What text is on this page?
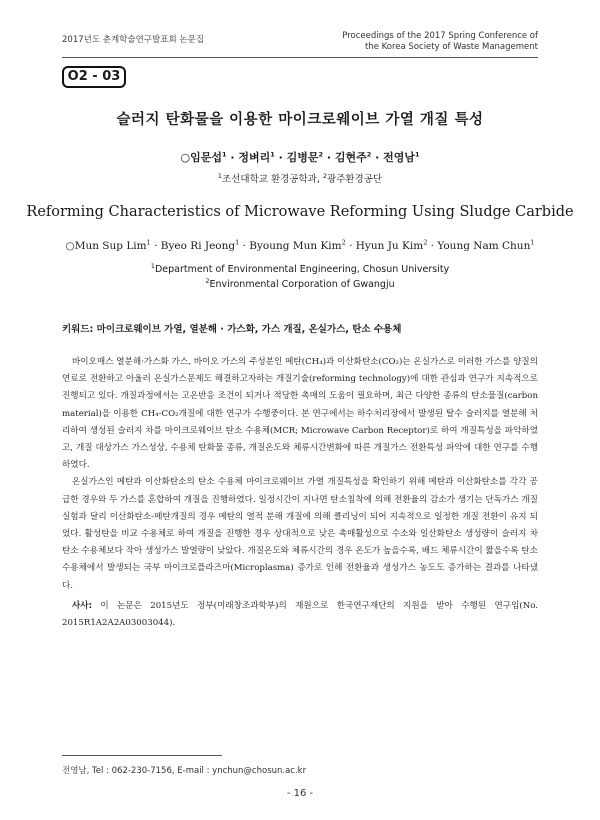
2017년도 춘계학술연구발표회 논문집	Proceedings of the 2017 Spring Conference of
the Korea Society of Waste Management
O2 - 03
슬러지 탄화물을 이용한 마이크로웨이브 가열 개질 특성
○임문섭$^1$ · 정벼리$^1$ · 김병문$^2$ · 김현주$^2$ · 전영남$^1$
$^1$조선대학교 환경공학과, $^2$광주환경공단
Reforming Characteristics of Microwave Reforming Using Sludge Carbide
○Mun Sup Lim$^1$ · Byeo Ri Jeong$^1$ · Byoung Mun Kim$^2$ · Hyun Ju Kim$^2$ · Young Nam Chun$^1$
$^1$Department of Environmental Engineering, Chosun University
$^2$Environmental Corporation of Gwangju
키워드: 마이크로웨이브 가열, 열분해 · 가스화, 가스 개질, 온실가스, 탄소 수용체

바이오매스 열분해·가스화 가스, 바이오 가스의 주성분인 메탄(CH₄)과 이산화탄소(CO₂)는 온실가스로 이러한 가스를 양질의 연료로 전환하고 아울러 온실가스문제도 해결하고자하는 개질기술(reforming technology)에 대한 관심과 연구가 지속적으로 진행되고 있다. 개질과정에서는 고온반응 조건이 되거나 적당한 촉매의 도움이 필요하며, 최근 다양한 종류의 탄소물질(carbon material)을 이용한 CH₄-CO₂개질에 대한 연구가 수행중이다. 본 연구에서는 하수처리장에서 발생된 탈수 슬러지를 열분해 처리하여 생성된 슬러지 차를 마이크로웨이브 탄소 수용체(MCR; Microwave Carbon Receptor)로 하여 개질특성을 파악하였고, 개질 대상가스 가스성상, 수용체 탄화물 종류, 개질온도와 체류시간변화에 따른 개질가스 전환특성 파악에 대한 연구를 수행하였다.

온실가스인 메탄과 이산화탄소의 탄소 수용체 마이크로웨이브 가열 개질특성을 확인하기 위해 메탄과 이산화탄소를 각각 공급한 경우와 두 가스를 혼합하여 개질을 진행하였다. 일정시간이 지나면 탄소침착에 의해 전환율의 감소가 생기는 단독가스 개질실험과 달리 이산화탄소-메탄개질의 경우 메탄의 열적 분해 개질에 의해 클리닝이 되어 지속적으로 일정한 개질 전환이 유지 되었다. 활성탄을 비교 수용체로 하여 개질을 진행한 경우 상대적으로 낮은 촉매활성으로 수소와 일산화탄소 생성량이 슬러지 차 탄소 수용체보다 작아 생성가스 발열량이 낮았다. 개질온도와 체류시간의 경우 온도가 높을수록, 배드 체류시간이 짧을수록 탄소 수용체에서 발생되는 국부 마이크로플라즈마(Microplasma) 증가로 인해 전환율과 생성가스 농도도 증가하는 결과를 나타냈다.

사사: 이 논문은 2015년도 정부(미래창조과학부)의 재원으로 한국연구재단의 지원을 받아 수행된 연구임(No. 2015R1A2A2A03003044).
전영남, Tel : 062-230-7156, E-mail : ynchun@chosun.ac.kr
- 16 -
